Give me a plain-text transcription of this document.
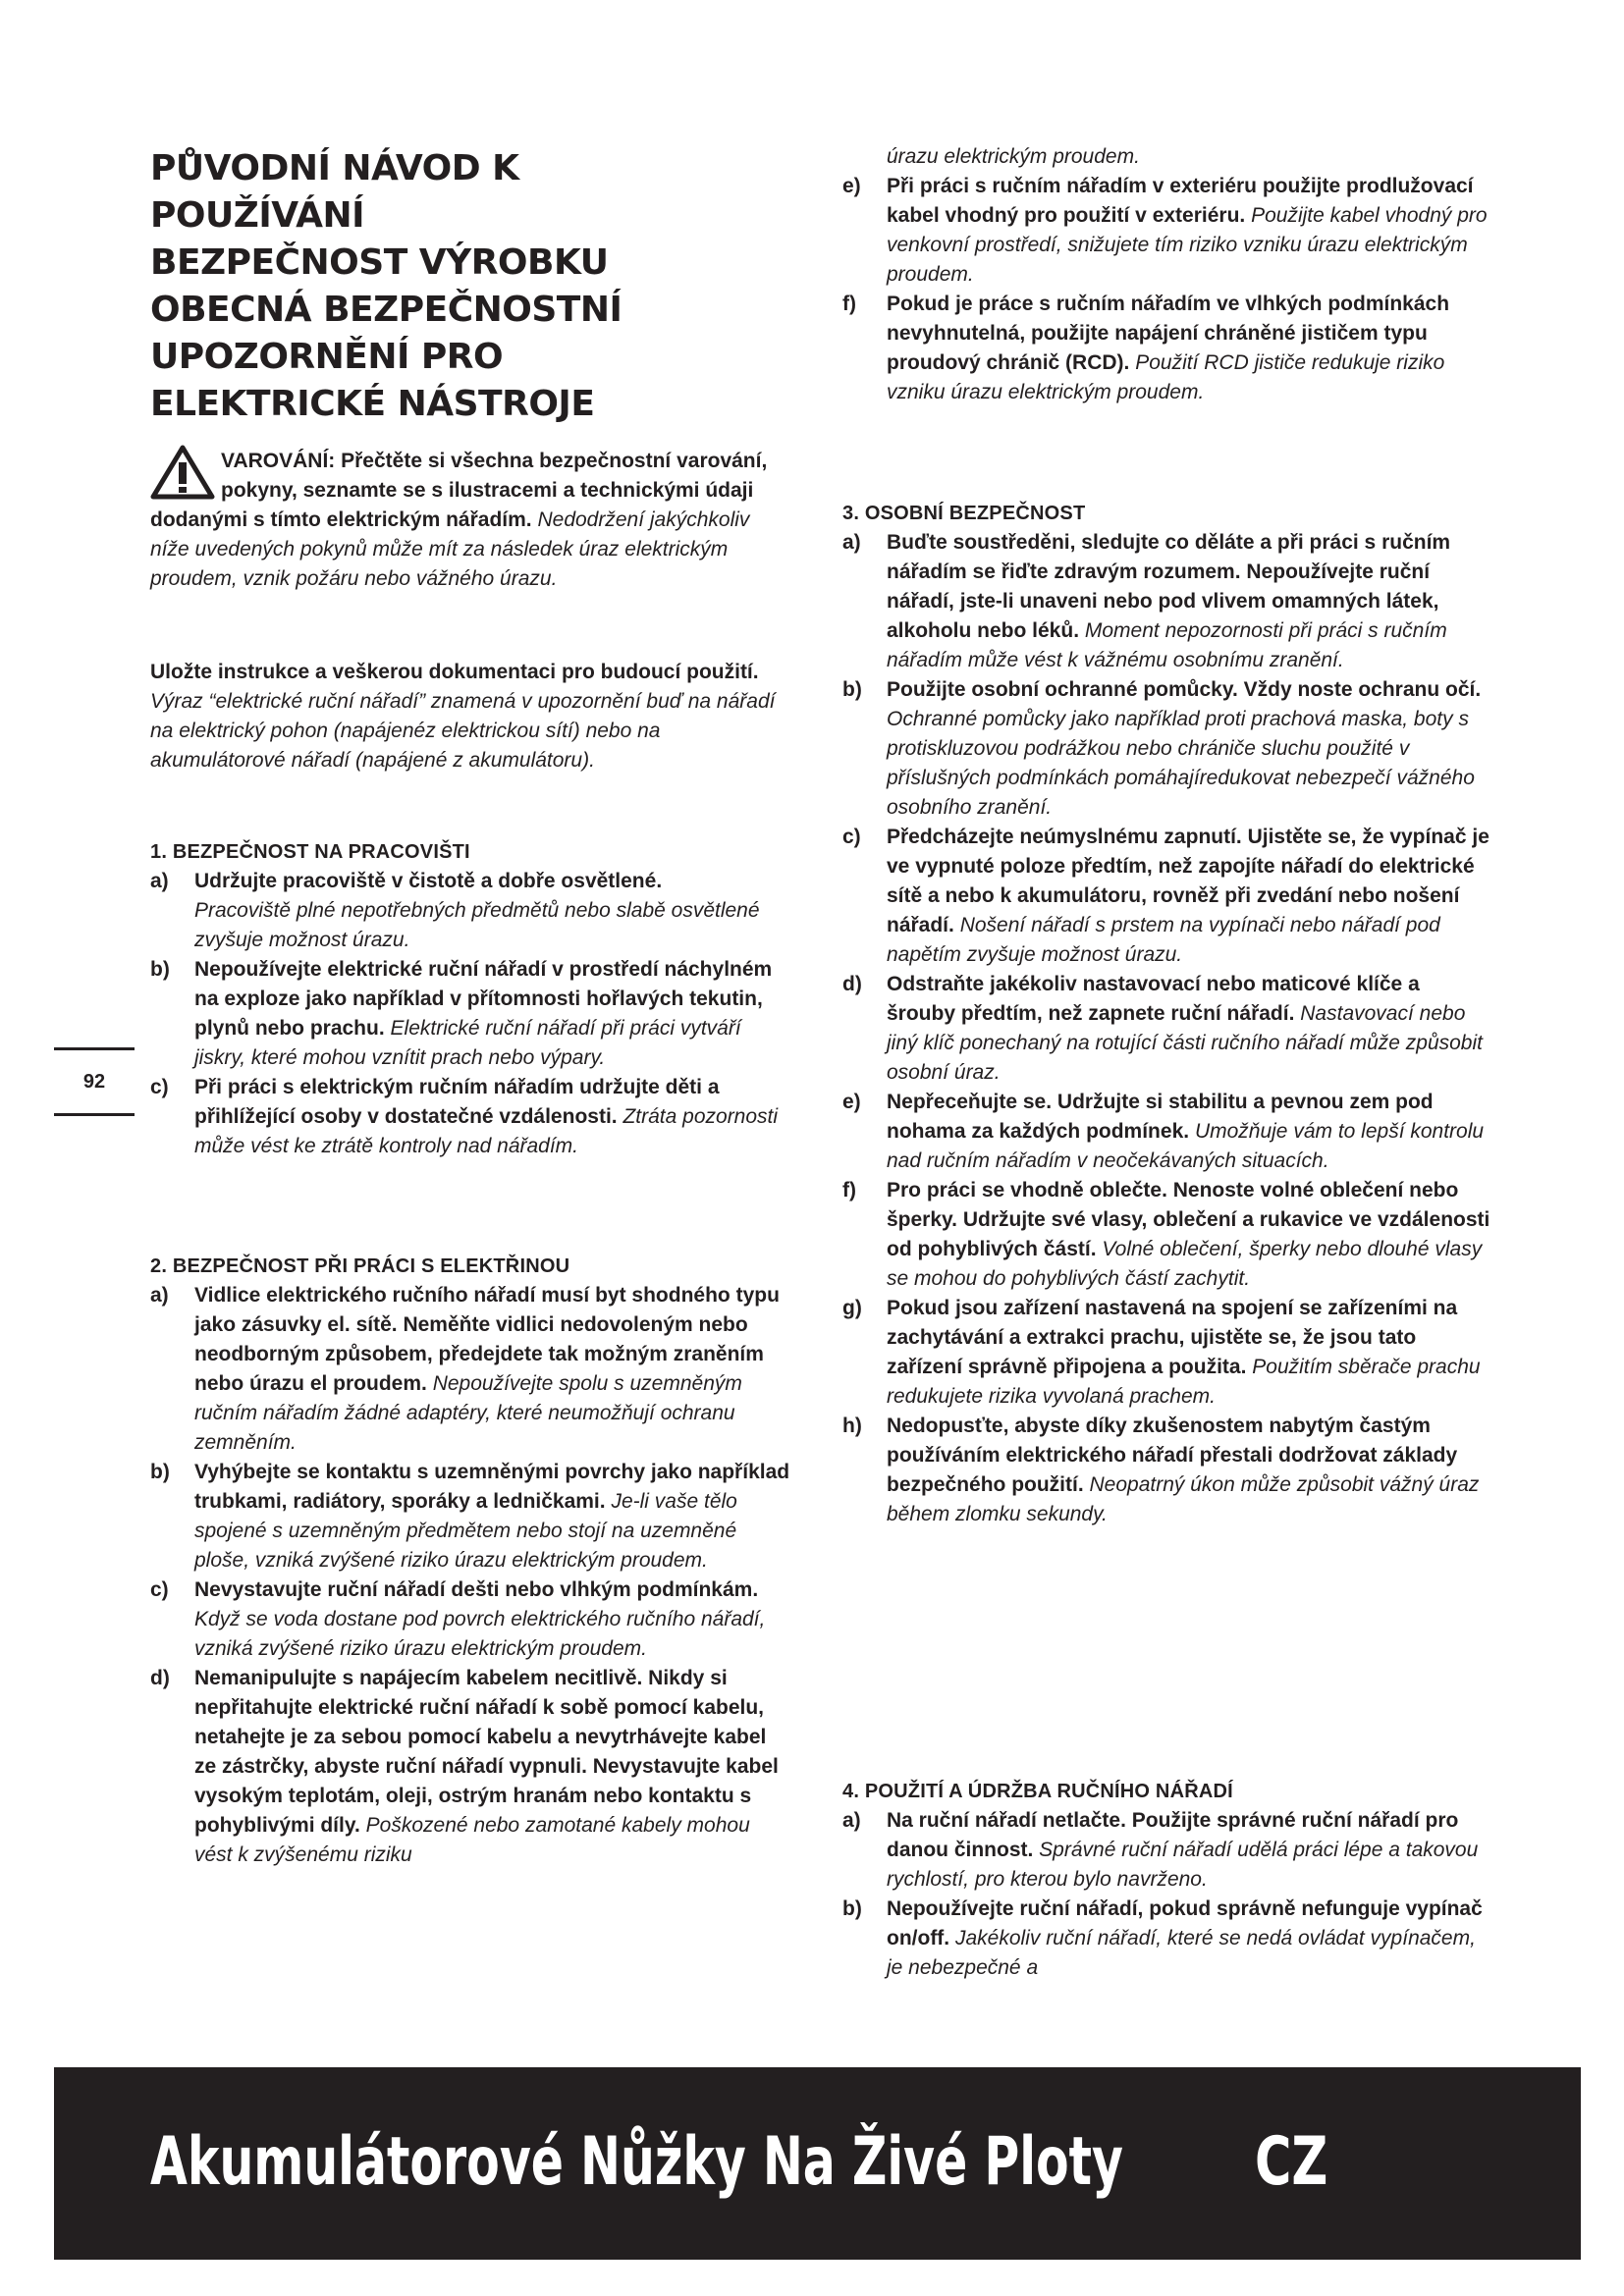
PŮVODNÍ NÁVOD K
POUŽÍVÁNÍ
BEZPEČNOST VÝROBKU
OBECNÁ BEZPEČNOSTNÍ
UPOZORNĚNÍ PRO
ELEKTRICKÉ NÁSTROJE
VAROVÁNÍ: Přečtěte si všechna bezpečnostní varování, pokyny, seznamte se s ilustracemi a technickými údaji dodanými s tímto elektrickým nářadím. Nedodržení jakýchkoliv níže uvedených pokynů může mít za následek úraz elektrickým proudem, vznik požáru nebo vážného úrazu.
Uložte instrukce a veškerou dokumentaci pro budoucí použití.
Výraz “elektrické ruční nářadí” znamená v upozornění buď na nářadí na elektrický pohon (napájenéz elektrickou sítí) nebo na akumulátorové nářadí (napájené z akumulátoru).
1. BEZPEČNOST NA PRACOVIŠTI
a) Udržujte pracoviště v čistotě a dobře osvětlené.
Pracoviště plné nepotřebných předmětů nebo slabě osvětlené zvyšuje možnost úrazu.

b) Nepoužívejte elektrické ruční nářadí v prostředí náchylném na exploze jako například v přítomnosti hořlavých tekutin, plynů nebo prachu. Elektrické ruční nářadí při práci vytváří jiskry, které mohou vznítit prach nebo výpary.

c) Při práci s elektrickým ručním nářadím udržujte děti a přihlížející osoby v dostatečné vzdálenosti. Ztráta pozornosti může vést ke ztrátě kontroly nad nářadím.

2. BEZPEČNOST PŘI PRÁCI S ELEKTŘINOU
a) Vidlice elektrického ručního nářadí musí byt shodného typu jako zásuvky el. sítě. Neměňte vidlici nedovoleným nebo neodborným způsobem, předejdete tak možným zraněním nebo úrazu el proudem. Nepoužívejte spolu s uzemněným ručním nářadím žádné adaptéry, které neumožňují ochranu zemněním.

b) Vyhýbejte se kontaktu s uzemněnými povrchy jako například trubkami, radiátory, sporáky a ledničkami. Je-li vaše tělo spojené s uzemněným předmětem nebo stojí na uzemněné ploše, vzniká zvýšené riziko úrazu elektrickým proudem.

c) Nevystavujte ruční nářadí dešti nebo vlhkým podmínkám. Když se voda dostane pod povrch elektrického ručního nářadí, vzniká zvýšené riziko úrazu elektrickým proudem.

d) Nemanipulujte s napájecím kabelem necitlivě. Nikdy si nepřitahujte elektrické ruční nářadí k sobě pomocí kabelu, netahejte je za sebou pomocí kabelu a nevytrhávejte kabel ze zástrčky, abyste ruční nářadí vypnuli. Nevystavujte kabel vysokým teplotám, oleji, ostrým hranám nebo kontaktu s pohyblivými díly. Poškozené nebo zamotané kabely mohou vést k zvýšenému riziku

úrazu elektrickým proudem.
e) Při práci s ručním nářadím v exteriéru použijte prodlužovací kabel vhodný pro použití v exteriéru. Použijte kabel vhodný pro venkovní prostředí, snižujete tím riziko vzniku úrazu elektrickým proudem.

f) Pokud je práce s ručním nářadím ve vlhkých podmínkách nevyhnutelná, použijte napájení chráněné jističem typu proudový chránič (RCD). Použití RCD jističe redukuje riziko vzniku úrazu elektrickým proudem.

3. OSOBNÍ BEZPEČNOST
a) Buďte soustředěni, sledujte co děláte a při práci s ručním nářadím se řiďte zdravým rozumem. Nepoužívejte ruční nářadí, jste-li unaveni nebo pod vlivem omamných látek, alkoholu nebo léků. Moment nepozornosti při práci s ručním nářadím může vést k vážnému osobnímu zranění.

b) Použijte osobní ochranné pomůcky. Vždy noste ochranu očí. Ochranné pomůcky jako například proti prachová maska, boty s protiskluzovou podrážkou nebo chrániče sluchu použité v příslušných podmínkách pomáhajíredukovat nebezpečí vážného osobního zranění.

c) Předcházejte neúmyslnému zapnutí. Ujistěte se, že vypínač je ve vypnuté poloze předtím, než zapojíte nářadí do elektrické sítě a nebo k akumulátoru, rovněž při zvedání nebo nošení nářadí. Nošení nářadí s prstem na vypínači nebo nářadí pod napětím zvyšuje možnost úrazu.

d) Odstraňte jakékoliv nastavovací nebo maticové klíče a šrouby předtím, než zapnete ruční nářadí. Nastavovací nebo jiný klíč ponechaný na rotující části ručního nářadí může způsobit osobní úraz.

e) Nepřeceňujte se. Udržujte si stabilitu a pevnou zem pod nohama za každých podmínek. Umožňuje vám to lepší kontrolu nad ručním nářadím v neočekávaných situacích.

f) Pro práci se vhodně oblečte. Nenoste volné oblečení nebo šperky. Udržujte své vlasy, oblečení a rukavice ve vzdálenosti od pohyblivých částí. Volné oblečení, šperky nebo dlouhé vlasy se mohou do pohyblivých částí zachytit.

g) Pokud jsou zařízení nastavená na spojení se zařízeními na zachytávání a extrakci prachu, ujistěte se, že jsou tato zařízení správně připojena a použita. Použitím sběrače prachu redukujete rizika vyvolaná prachem.

h) Nedopusťte, abyste díky zkušenostem nabytým častým používáním elektrického nářadí přestali dodržovat základy bezpečného použití. Neopatrný úkon může způsobit vážný úraz během zlomku sekundy.

4. POUŽITÍ A ÚDRŽBA RUČNÍHO NÁŘADÍ
a) Na ruční nářadí netlačte. Použijte správné ruční nářadí pro danou činnost. Správné ruční nářadí udělá práci lépe a takovou rychlostí, pro kterou bylo navrženo.

b) Nepoužívejte ruční nářadí, pokud správně nefunguje vypínač on/off. Jakékoliv ruční nářadí, které se nedá ovládat vypínačem, je nebezpečné a

92
Akumulátorové Nůžky Na Živé Ploty CZ
